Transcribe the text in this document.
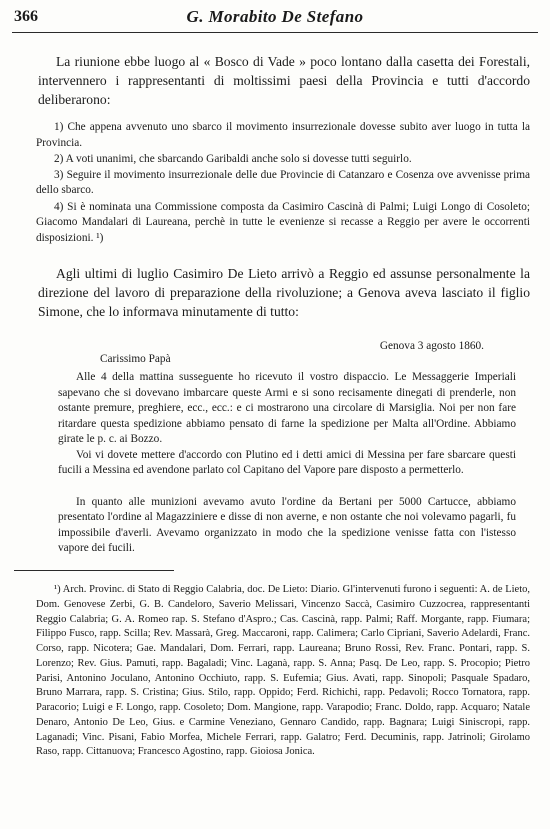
366	G. Morabito De Stefano
La riunione ebbe luogo al « Bosco di Vade » poco lontano dalla casetta dei Forestali, intervennero i rappresentanti di moltissimi paesi della Provincia e tutti d'accordo deliberarono:
1) Che appena avvenuto uno sbarco il movimento insurrezionale dovesse subito aver luogo in tutta la Provincia.
2) A voti unanimi, che sbarcando Garibaldi anche solo si dovesse tutti seguirlo.
3) Seguire il movimento insurrezionale delle due Provincie di Catanzaro e Cosenza ove avvenisse prima dello sbarco.
4) Si è nominata una Commissione composta da Casimiro Cascinà di Palmi; Luigi Longo di Cosoleto; Giacomo Mandalari di Laureana, perchè in tutte le evenienze si recasse a Reggio per avere le occorrenti disposizioni. ¹)
Agli ultimi di luglio Casimiro De Lieto arrivò a Reggio ed assunse personalmente la direzione del lavoro di preparazione della rivoluzione; a Genova aveva lasciato il figlio Simone, che lo informava minutamente di tutto:
Genova 3 agosto 1860.
Carissimo Papà
Alle 4 della mattina susseguente ho ricevuto il vostro dispaccio. Le Messaggerie Imperiali sapevano che si dovevano imbarcare queste Armi e si sono recisamente dinegati di prenderle, non ostante premure, preghiere, ecc., ecc.: e ci mostrarono una circolare di Marsiglia. Noi per non fare ritardare questa spedizione abbiamo pensato di farne la spedizione per Malta all'Ordine. Abbiamo girate le p. c. ai Bozzo.
Voi vi dovete mettere d'accordo con Plutino ed i detti amici di Messina per fare sbarcare questi fucili a Messina ed avendone parlato col Capitano del Vapore pare disposto a permetterlo.
In quanto alle munizioni avevamo avuto l'ordine da Bertani per 5000 Cartucce, abbiamo presentato l'ordine al Magazziniere e disse di non averne, e non ostante che noi volevamo pagarli, fu impossibile d'averli. Avevamo organizzato in modo che la spedizione venisse fatta con l'istesso vapore dei fucili.
¹) Arch. Provinc. di Stato di Reggio Calabria, doc. De Lieto: Diario. Gl'intervenuti furono i seguenti: A. de Lieto, Dom. Genovese Zerbi, G. B. Candeloro, Saverio Melissari, Vincenzo Saccà, Casimiro Cuzzocrea, rappresentanti Reggio Calabria; G. A. Romeo rap. S. Stefano d'Aspro.; Cas. Cascinà, rapp. Palmi; Raff. Morgante, rapp. Fiumara; Filippo Fusco, rapp. Scilla; Rev. Massarà, Greg. Maccaroni, rapp. Calimera; Carlo Cipriani, Saverio Adelardi, Franc. Corso, rapp. Nicotera; Gae. Mandalari, Dom. Ferrari, rapp. Laureana; Bruno Rossi, Rev. Franc. Pontari, rapp. S. Lorenzo; Rev. Gius. Pamuti, rapp. Bagaladi; Vinc. Laganà, rapp. S. Anna; Pasq. De Leo, rapp. S. Procopio; Pietro Parisi, Antonino Joculano, Antonino Occhiuto, rapp. S. Eufemia; Gius. Avati, rapp. Sinopoli; Pasquale Spadaro, Bruno Marrara, rapp. S. Cristina; Gius. Stilo, rapp. Oppido; Ferd. Richichi, rapp. Pedavoli; Rocco Tornatora, rapp. Paracorio; Luigi e F. Longo, rapp. Cosoleto; Dom. Mangione, rapp. Varapodio; Franc. Doldo, rapp. Acquaro; Natale Denaro, Antonio De Leo, Gius. e Carmine Veneziano, Gennaro Candido, rapp. Bagnara; Luigi Siniscropi, rapp. Laganadi; Vinc. Pisani, Fabio Morfea, Michele Ferrari, rapp. Galatro; Ferd. Decuminis, rapp. Jatrinoli; Girolamo Raso, rapp. Cittanuova; Francesco Agostino, rapp. Gioiosa Jonica.
